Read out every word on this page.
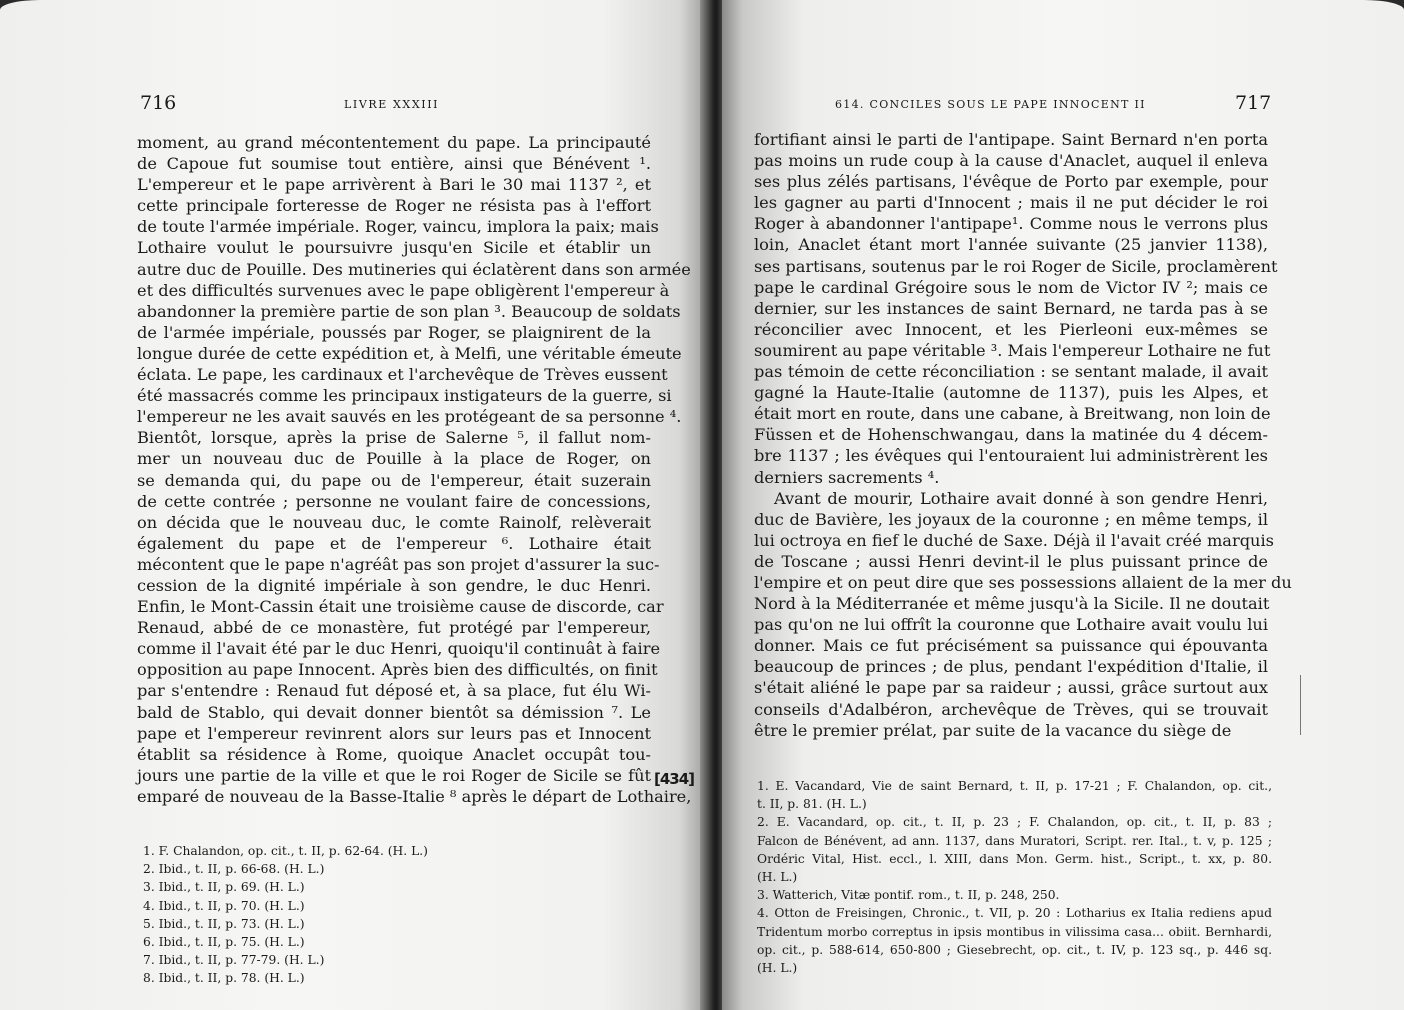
716	LIVRE XXXIII
moment, au grand mécontentement du pape. La principauté
de Capoue fut soumise tout entière, ainsi que Bénévent ¹.
L'empereur et le pape arrivèrent à Bari le 30 mai 1137 ², et
cette principale forteresse de Roger ne résista pas à l'effort
de toute l'armée impériale. Roger, vaincu, implora la paix; mais
Lothaire voulut le poursuivre jusqu'en Sicile et établir un
autre duc de Pouille. Des mutineries qui éclatèrent dans son armée
et des difficultés survenues avec le pape obligèrent l'empereur à
abandonner la première partie de son plan ³. Beaucoup de soldats
de l'armée impériale, poussés par Roger, se plaignirent de la
longue durée de cette expédition et, à Melfi, une véritable émeute
éclata. Le pape, les cardinaux et l'archevêque de Trèves eussent
été massacrés comme les principaux instigateurs de la guerre, si
l'empereur ne les avait sauvés en les protégeant de sa personne ⁴.
Bientôt, lorsque, après la prise de Salerne ⁵, il fallut nom-
mer un nouveau duc de Pouille à la place de Roger, on
se demanda qui, du pape ou de l'empereur, était suzerain
de cette contrée ; personne ne voulant faire de concessions,
on décida que le nouveau duc, le comte Rainolf, relèverait
également du pape et de l'empereur ⁶. Lothaire était
mécontent que le pape n'agréât pas son projet d'assurer la suc-
cession de la dignité impériale à son gendre, le duc Henri.
Enfin, le Mont-Cassin était une troisième cause de discorde, car
Renaud, abbé de ce monastère, fut protégé par l'empereur,
comme il l'avait été par le duc Henri, quoiqu'il continuât à faire
opposition au pape Innocent. Après bien des difficultés, on finit
par s'entendre : Renaud fut déposé et, à sa place, fut élu Wi-
bald de Stablo, qui devait donner bientôt sa démission ⁷. Le
pape et l'empereur revinrent alors sur leurs pas et Innocent
établit sa résidence à Rome, quoique Anaclet occupât tou-
jours une partie de la ville et que le roi Roger de Sicile se fût
emparé de nouveau de la Basse-Italie ⁸ après le départ de Lothaire,
1. F. Chalandon, op. cit., t. II, p. 62-64. (H. L.)
2. Ibid., t. II, p. 66-68. (H. L.)
3. Ibid., t. II, p. 69. (H. L.)
4. Ibid., t. II, p. 70. (H. L.)
5. Ibid., t. II, p. 73. (H. L.)
6. Ibid., t. II, p. 75. (H. L.)
7. Ibid., t. II, p. 77-79. (H. L.)
8. Ibid., t. II, p. 78. (H. L.)
[434]
614. CONCILES SOUS LE PAPE INNOCENT II	717
fortifiant ainsi le parti de l'antipape. Saint Bernard n'en porta
pas moins un rude coup à la cause d'Anaclet, auquel il enleva
ses plus zélés partisans, l'évêque de Porto par exemple, pour
les gagner au parti d'Innocent ; mais il ne put décider le roi
Roger à abandonner l'antipape¹. Comme nous le verrons plus
loin, Anaclet étant mort l'année suivante (25 janvier 1138),
ses partisans, soutenus par le roi Roger de Sicile, proclamèrent
pape le cardinal Grégoire sous le nom de Victor IV ²; mais ce
dernier, sur les instances de saint Bernard, ne tarda pas à se
réconcilier avec Innocent, et les Pierleoni eux-mêmes se
soumirent au pape véritable ³. Mais l'empereur Lothaire ne fut
pas témoin de cette réconciliation : se sentant malade, il avait
gagné la Haute-Italie (automne de 1137), puis les Alpes, et
était mort en route, dans une cabane, à Breitwang, non loin de
Füssen et de Hohenschwangau, dans la matinée du 4 décem-
bre 1137 ; les évêques qui l'entouraient lui administrèrent les
derniers sacrements ⁴.
Avant de mourir, Lothaire avait donné à son gendre Henri,
duc de Bavière, les joyaux de la couronne ; en même temps, il
lui octroya en fief le duché de Saxe. Déjà il l'avait créé marquis
de Toscane ; aussi Henri devint-il le plus puissant prince de
l'empire et on peut dire que ses possessions allaient de la mer du
Nord à la Méditerranée et même jusqu'à la Sicile. Il ne doutait
pas qu'on ne lui offrît la couronne que Lothaire avait voulu lui
donner. Mais ce fut précisément sa puissance qui épouvanta
beaucoup de princes ; de plus, pendant l'expédition d'Italie, il
s'était aliéné le pape par sa raideur ; aussi, grâce surtout aux
conseils d'Adalbéron, archevêque de Trèves, qui se trouvait
être le premier prélat, par suite de la vacance du siège de
1. E. Vacandard, Vie de saint Bernard, t. II, p. 17-21 ; F. Chalandon, op. cit.,
t. II, p. 81. (H. L.)
2. E. Vacandard, op. cit., t. II, p. 23 ; F. Chalandon, op. cit., t. II, p. 83 ;
Falcon de Bénévent, ad ann. 1137, dans Muratori, Script. rer. Ital., t. v, p. 125 ;
Ordéric Vital, Hist. eccl., l. XIII, dans Mon. Germ. hist., Script., t. xx, p. 80.
(H. L.)
3. Watterich, Vitæ pontif. rom., t. II, p. 248, 250.
4. Otton de Freisingen, Chronic., t. VII, p. 20 : Lotharius ex Italia rediens apud
Tridentum morbo correptus in ipsis montibus in vilissima casa... obiit. Bernhardi,
op. cit., p. 588-614, 650-800 ; Giesebrecht, op. cit., t. IV, p. 123 sq., p. 446 sq.
(H. L.)
